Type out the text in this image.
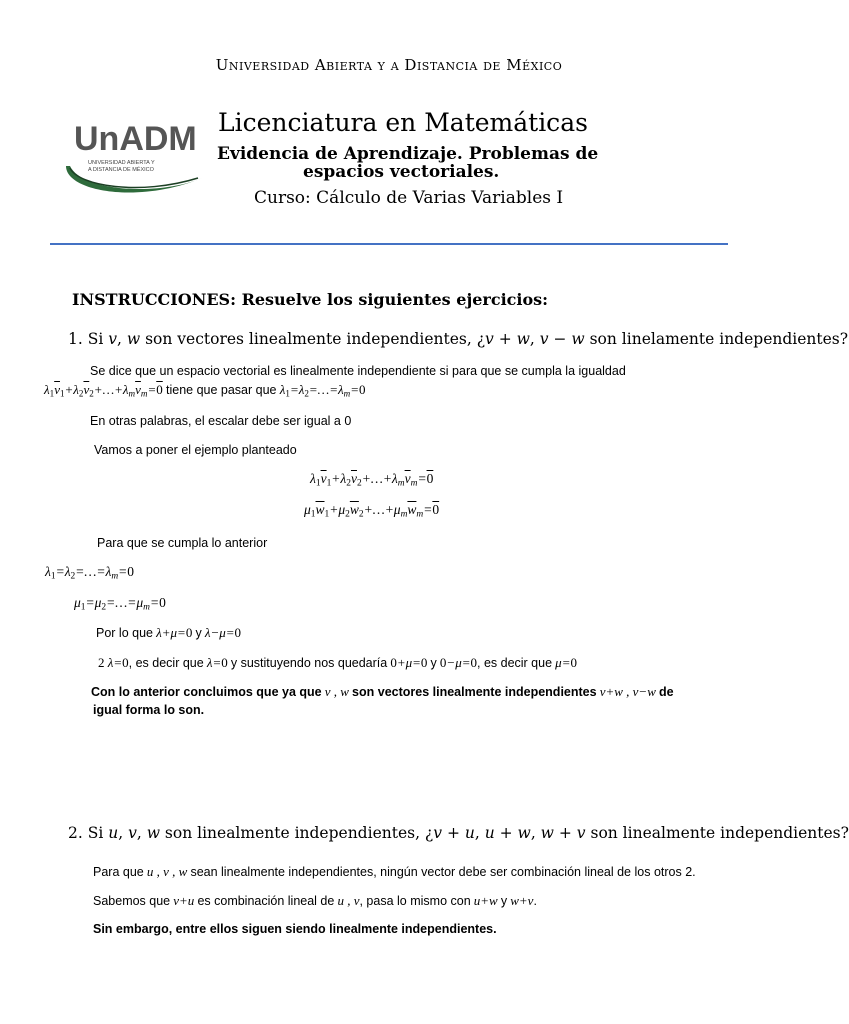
Universidad Abierta y a Distancia de México
UnADM
UNIVERSIDAD ABIERTA Y
A DISTANCIA DE MÉXICO
Licenciatura en Matemáticas
Evidencia de Aprendizaje. Problemas de
espacios vectoriales.
Curso: Cálculo de Varias Variables I
INSTRUCCIONES: Resuelve los siguientes ejercicios:
1. Si v, w son vectores linealmente independientes, ¿v + w, v − w son linelamente independientes?
Se dice que un espacio vectorial es linealmente independiente si para que se cumpla la igualdad
$\lambda_1\overline{v}_1+\lambda_2\overline{v}_2+\dots+\lambda_m\overline{v}_m=0$ tiene que pasar que $\lambda_1=\lambda_2=\dots=\lambda_m=0$
En otras palabras, el escalar debe ser igual a 0
Vamos a poner el ejemplo planteado
$\lambda_1\overline{v}_1+\lambda_2\overline{v}_2+\dots+\lambda_m\overline{v}_m=0$
$\mu_1\overline{w}_1+\mu_2\overline{w}_2+\dots+\mu_m\overline{w}_m=0$
Para que se cumpla lo anterior
$\lambda_1=\lambda_2=\dots=\lambda_m=0$
$\mu_1=\mu_2=\dots=\mu_m=0$
Por lo que λ+μ=0 y λ−μ=0
2 λ=0, es decir que λ=0 y sustituyendo nos quedaría 0+μ=0 y 0−μ=0, es decir que μ=0
Con lo anterior concluimos que ya que v , w son vectores linealmente independientes v+w , v−w de
igual forma lo son.
2. Si u, v, w son linealmente independientes, ¿v + u, u + w, w + v son linealmente independientes?
Para que u , v , w sean linealmente independientes, ningún vector debe ser combinación lineal de los otros 2.
Sabemos que v+u es combinación lineal de u , v, pasa lo mismo con u+w y w+v.
Sin embargo, entre ellos siguen siendo linealmente independientes.
